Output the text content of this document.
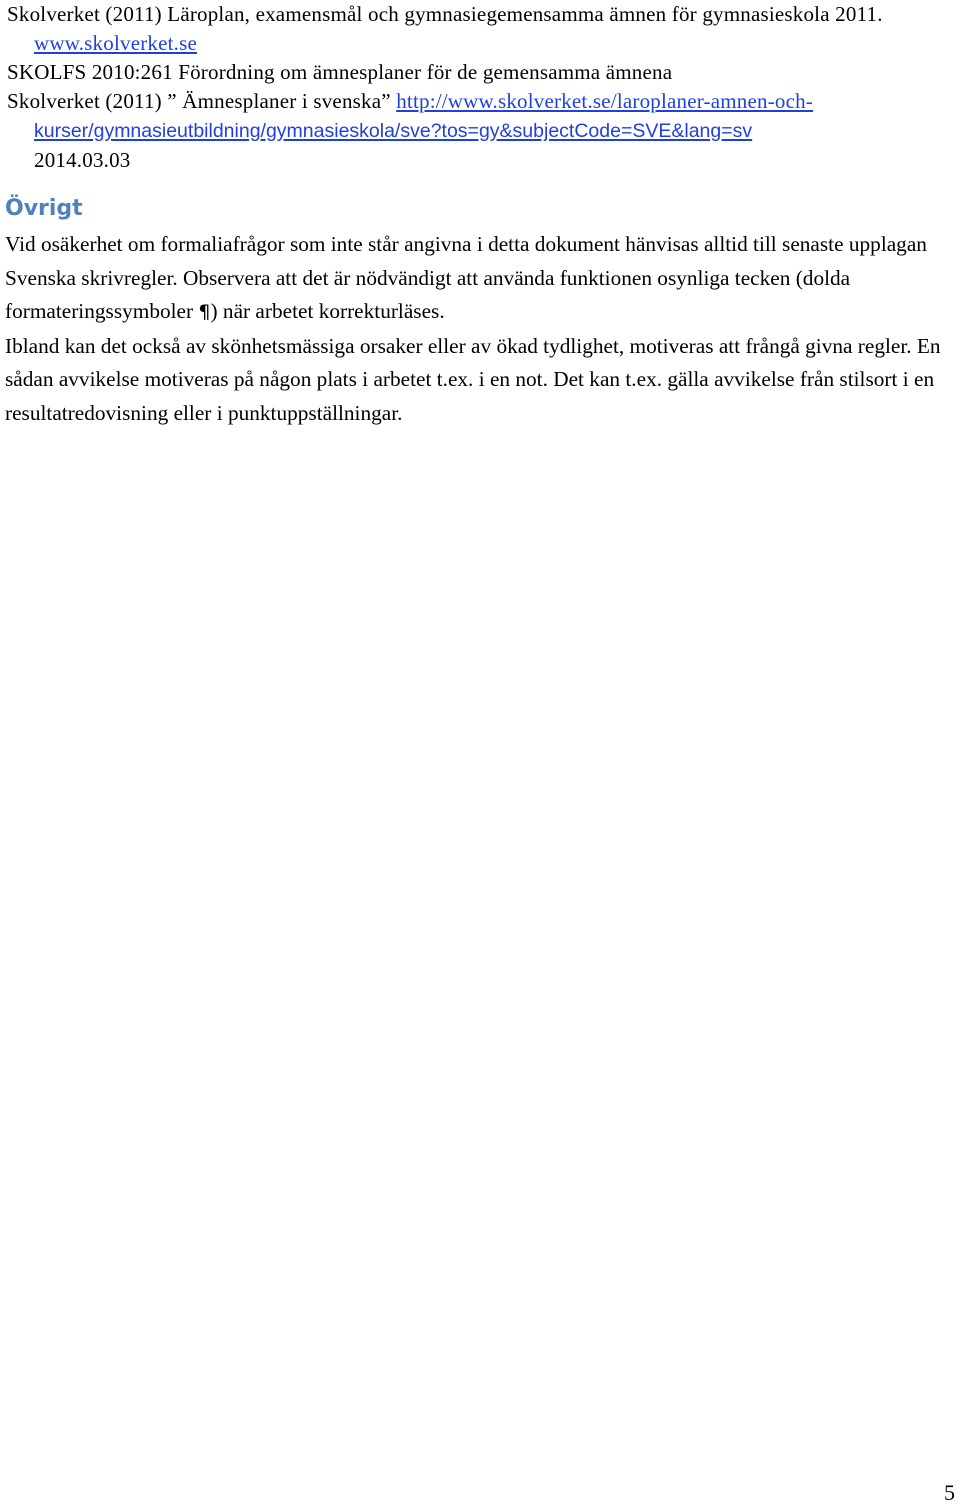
Skolverket (2011) Läroplan, examensmål och gymnasiegemensamma ämnen för gymnasieskola 2011. www.skolverket.se

SKOLFS 2010:261 Förordning om ämnesplaner för de gemensamma ämnena

Skolverket (2011) ” Ämnesplaner i svenska” http://www.skolverket.se/laroplaner-amnen-och-kurser/gymnasieutbildning/gymnasieskola/sve?tos=gy&subjectCode=SVE&lang=sv
2014.03.03

Övrigt

Vid osäkerhet om formaliafrågor som inte står angivna i detta dokument hänvisas alltid till senaste upplagan Svenska skrivregler. Observera att det är nödvändigt att använda funktionen osynliga tecken (dolda formateringssymboler ¶) när arbetet korrekturläses.

Ibland kan det också av skönhetsmässiga orsaker eller av ökad tydlighet, motiveras att frångå givna regler. En sådan avvikelse motiveras på någon plats i arbetet t.ex. i en not. Det kan t.ex. gälla avvikelse från stilsort i en resultatredovisning eller i punktuppställningar.

5
